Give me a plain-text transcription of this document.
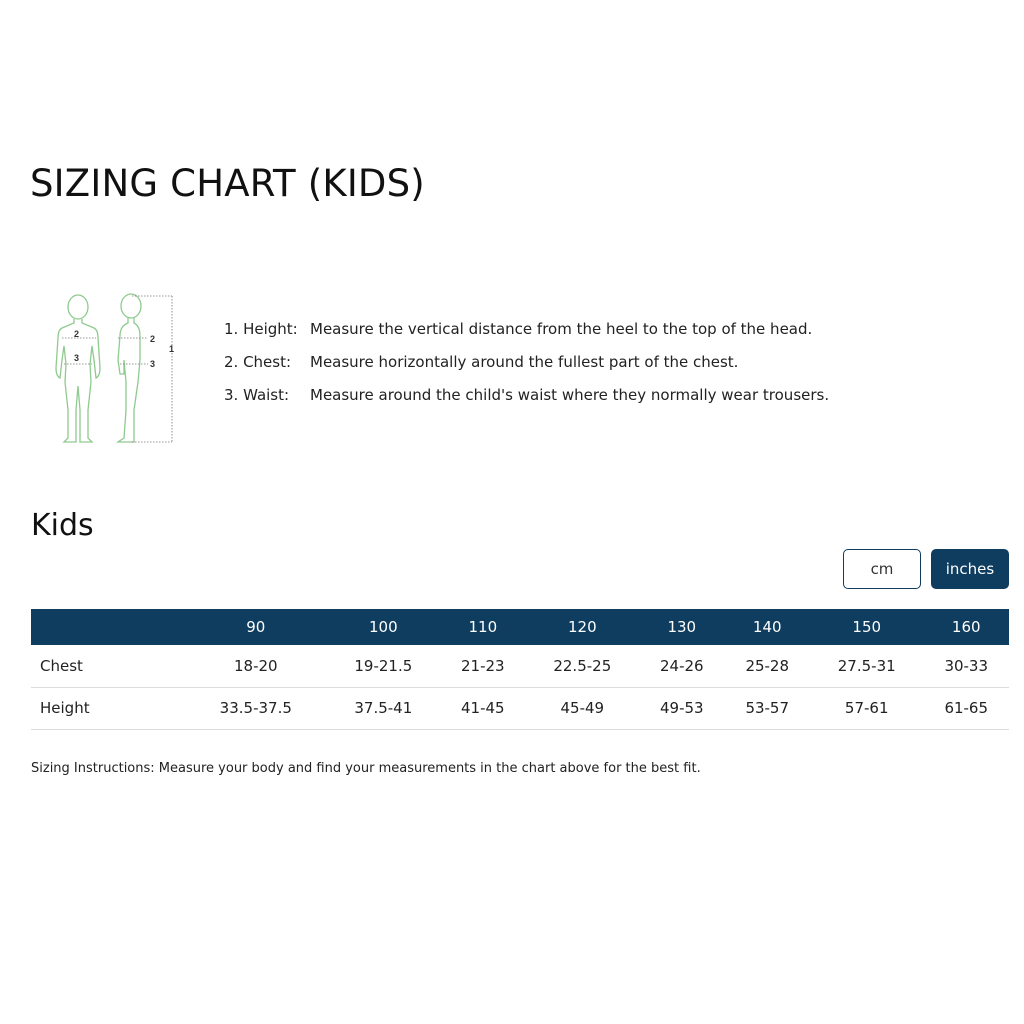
SIZING CHART (KIDS)
2
3
2
3
1
1. Height: Measure the vertical distance from the heel to the top of the head.
2. Chest:	Measure horizontally around the fullest part of the chest.
3. Waist:	Measure around the child's waist where they normally wear trousers.
Kids
cm	inches
	90	100	110	120	130	140	150	160
Chest	18-20	19-21.5	21-23	22.5-25	24-26	25-28	27.5-31	30-33
Height	33.5-37.5	37.5-41	41-45	45-49	49-53	53-57	57-61	61-65
Sizing Instructions: Measure your body and find your measurements in the chart above for the best fit.
